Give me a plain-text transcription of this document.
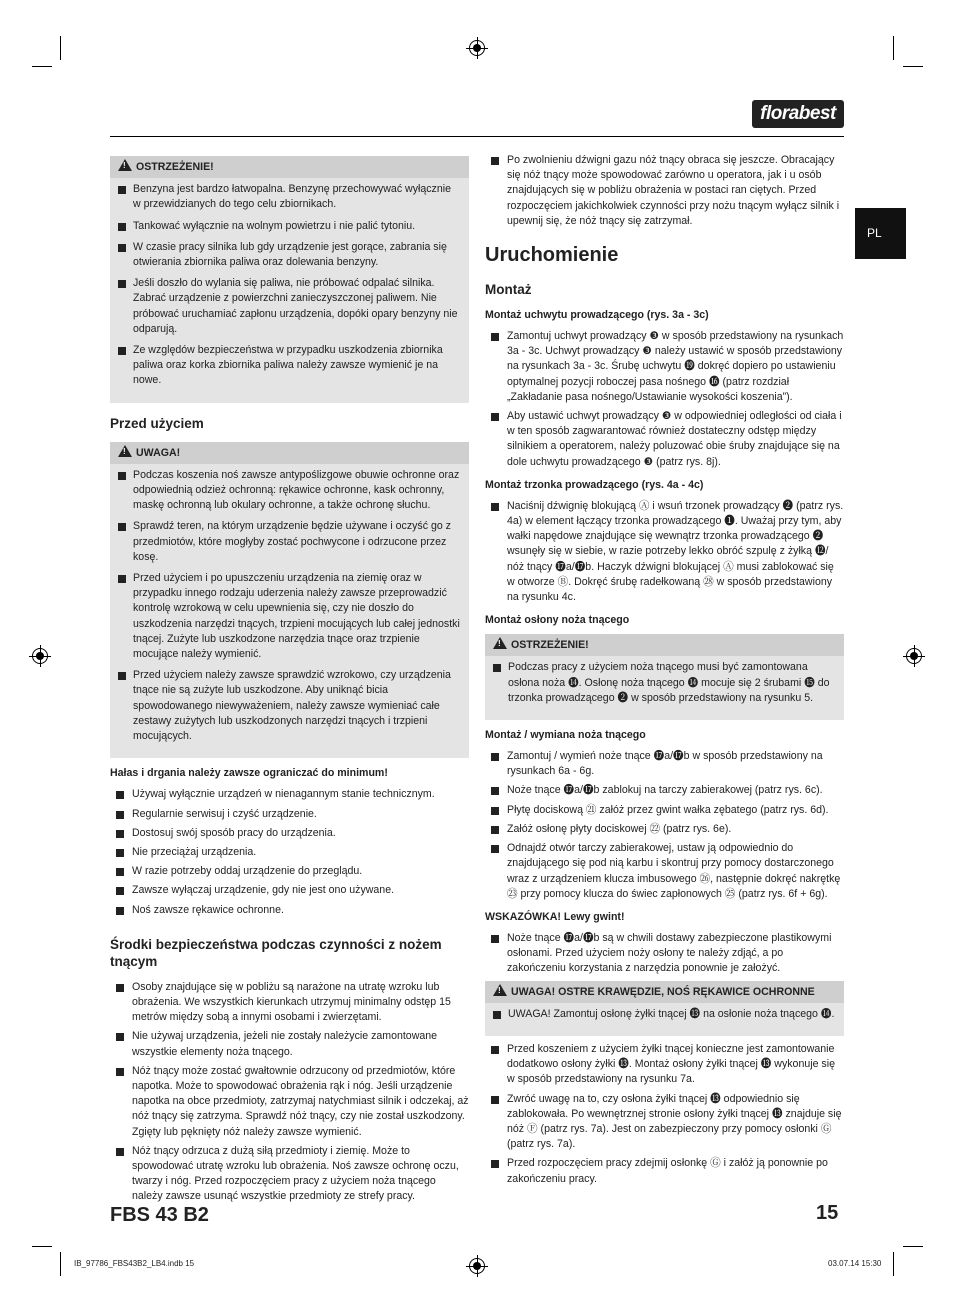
florabest
PL
!OSTRZEŻENIE!
Benzyna jest bardzo łatwopalna. Benzynę przechowywać wyłącznie w przewidzianych do tego celu zbiornikach.
Tankować wyłącznie na wolnym powietrzu i nie palić tytoniu.
W czasie pracy silnika lub gdy urządzenie jest gorące, zabrania się otwierania zbiornika paliwa oraz dolewania benzyny.
Jeśli doszło do wylania się paliwa, nie próbować odpalać silnika. Zabrać urządzenie z powierzchni zanieczyszczonej paliwem. Nie próbować uruchamiać zapłonu urządzenia, dopóki opary benzyny nie odparują.
Ze względów bezpieczeństwa w przypadku uszkodzenia zbiornika paliwa oraz korka zbiornika paliwa należy zawsze wymienić je na nowe.
Przed użyciem
!UWAGA!
Podczas koszenia noś zawsze antypoślizgowe obuwie ochronne oraz odpowiednią odzież ochronną: rękawice ochronne, kask ochronny, maskę ochronną lub okulary ochronne, a także ochronę słuchu.
Sprawdź teren, na którym urządzenie będzie używane i oczyść go z przedmiotów, które mogłyby zostać pochwycone i odrzucone przez kosę.
Przed użyciem i po upuszczeniu urządzenia na ziemię oraz w przypadku innego rodzaju uderzenia należy zawsze przeprowadzić kontrolę wzrokową w celu upewnienia się, czy nie doszło do uszkodzenia narzędzi tnących, trzpieni mocujących lub całej jednostki tnącej. Zużyte lub uszkodzone narzędzia tnące oraz trzpienie mocujące należy wymienić.
Przed użyciem należy zawsze sprawdzić wzrokowo, czy urządzenia tnące nie są zużyte lub uszkodzone. Aby uniknąć bicia spowodowanego niewyważeniem, należy zawsze wymieniać całe zestawy zużytych lub uszkodzonych narzędzi tnących i trzpieni mocujących.
Hałas i drgania należy zawsze ograniczać do minimum!
Używaj wyłącznie urządzeń w nienagannym stanie technicznym.
Regularnie serwisuj i czyść urządzenie.
Dostosuj swój sposób pracy do urządzenia.
Nie przeciążaj urządzenia.
W razie potrzeby oddaj urządzenie do przeglądu.
Zawsze wyłączaj urządzenie, gdy nie jest ono używane.
Noś zawsze rękawice ochronne.
Środki bezpieczeństwa podczas czynności z nożem tnącym
Osoby znajdujące się w pobliżu są narażone na utratę wzroku lub obrażenia. We wszystkich kierunkach utrzymuj minimalny odstęp 15 metrów między sobą a innymi osobami i zwierzętami.
Nie używaj urządzenia, jeżeli nie zostały należycie zamontowane wszystkie elementy noża tnącego.
Nóż tnący może zostać gwałtownie odrzucony od przedmiotów, które napotka. Może to spowodować obrażenia rąk i nóg. Jeśli urządzenie napotka na obce przedmioty, zatrzymaj natychmiast silnik i odczekaj, aż nóż tnący się zatrzyma. Sprawdź nóż tnący, czy nie został uszkodzony. Zgięty lub pęknięty nóż należy zawsze wymienić.
Nóż tnący odrzuca z dużą siłą przedmioty i ziemię. Może to spowodować utratę wzroku lub obrażenia. Noś zawsze ochronę oczu, twarzy i nóg. Przed rozpoczęciem pracy z użyciem noża tnącego należy zawsze usunąć wszystkie przedmioty ze strefy pracy.
Po zwolnieniu dźwigni gazu nóż tnący obraca się jeszcze. Obracający się nóż tnący może spowodować zarówno u operatora, jak i u osób znajdujących się w pobliżu obrażenia w postaci ran ciętych. Przed rozpoczęciem jakichkolwiek czynności przy nożu tnącym wyłącz silnik i upewnij się, że nóż tnący się zatrzymał.
Uruchomienie
Montaż
Montaż uchwytu prowadzącego (rys. 3a - 3c)
Zamontuj uchwyt prowadzący ❸ w sposób przedstawiony na rysunkach 3a - 3c. Uchwyt prowadzący ❸ należy ustawić w sposób przedstawiony na rysunkach 3a - 3c. Śrubę uchwytu ⓳ dokręć dopiero po ustawieniu optymalnej pozycji roboczej pasa nośnego ⓰ (patrz rozdział „Zakładanie pasa nośnego/Ustawianie wysokości koszenia”).
Aby ustawić uchwyt prowadzący ❸ w odpowiedniej odległości od ciała i w ten sposób zagwarantować również dostateczny odstęp między silnikiem a operatorem, należy poluzować obie śruby znajdujące się na dole uchwytu prowadzącego ❸ (patrz rys. 8j).
Montaż trzonka prowadzącego (rys. 4a - 4c)
Naciśnij dźwignię blokującą Ⓐ i wsuń trzonek prowadzący ❷ (patrz rys. 4a) w element łączący trzonka prowadzącego ❶. Uważaj przy tym, aby wałki napędowe znajdujące się wewnątrz trzonka prowadzącego ❷ wsunęły się w siebie, w razie potrzeby lekko obróć szpulę z żyłką ⓬/ nóż tnący ⓱a/⓱b. Haczyk dźwigni blokującej Ⓐ musi zablokować się w otworze Ⓑ. Dokręć śrubę radełkowaną ㉘ w sposób przedstawiony na rysunku 4c.
Montaż osłony noża tnącego
!OSTRZEŻENIE!
Podczas pracy z użyciem noża tnącego musi być zamontowana osłona noża ⓮. Osłonę noża tnącego ⓮ mocuje się 2 śrubami ⓯ do trzonka prowadzącego ❷ w sposób przedstawiony na rysunku 5.
Montaż / wymiana noża tnącego
Zamontuj / wymień nożе tnące ⓱a/⓱b w sposób przedstawiony na rysunkach 6a - 6g.
Noże tnące ⓱a/⓱b zablokuj na tarczy zabierakowej (patrz rys. 6c).
Płytę dociskową ㉑ załóż przez gwint wałka zębatego (patrz rys. 6d).
Załóż osłonę płyty dociskowej ㉒ (patrz rys. 6e).
Odnajdź otwór tarczy zabierakowej, ustaw ją odpowiednio do znajdującego się pod nią karbu i skontruj przy pomocy dostarczonego wraz z urządzeniem klucza imbusowego ㉖, następnie dokręć nakrętkę ㉓ przy pomocy klucza do świec zapłonowych ㉕ (patrz rys. 6f + 6g).
WSKAZÓWKA! Lewy gwint!
Noże tnące ⓱a/⓱b są w chwili dostawy zabezpieczone plastikowymi osłonami. Przed użyciem noży osłony te należy zdjąć, a po zakończeniu korzystania z narzędzia ponownie je założyć.
!UWAGA! OSTRE KRAWĘDZIE, NOŚ RĘKAWICE OCHRONNE
UWAGA! Zamontuj osłonę żyłki tnącej ⓭ na osłonie noża tnącego ⓮.
Przed koszeniem z użyciem żyłki tnącej konieczne jest zamontowanie dodatkowo osłony żyłki ⓭. Montaż osłony żyłki tnącej ⓭ wykonuje się w sposób przedstawiony na rysunku 7a.
Zwróć uwagę na to, czy osłona żyłki tnącej ⓭ odpowiednio się zablokowała. Po wewnętrznej stronie osłony żyłki tnącej ⓭ znajduje się nóż Ⓕ (patrz rys. 7a). Jest on zabezpieczony przy pomocy osłonki Ⓖ (patrz rys. 7a).
Przed rozpoczęciem pracy zdejmij osłonkę Ⓖ i załóż ją ponownie po zakończeniu pracy.
FBS 43 B2	15
IB_97786_FBS43B2_LB4.indb 15	03.07.14 15:30
